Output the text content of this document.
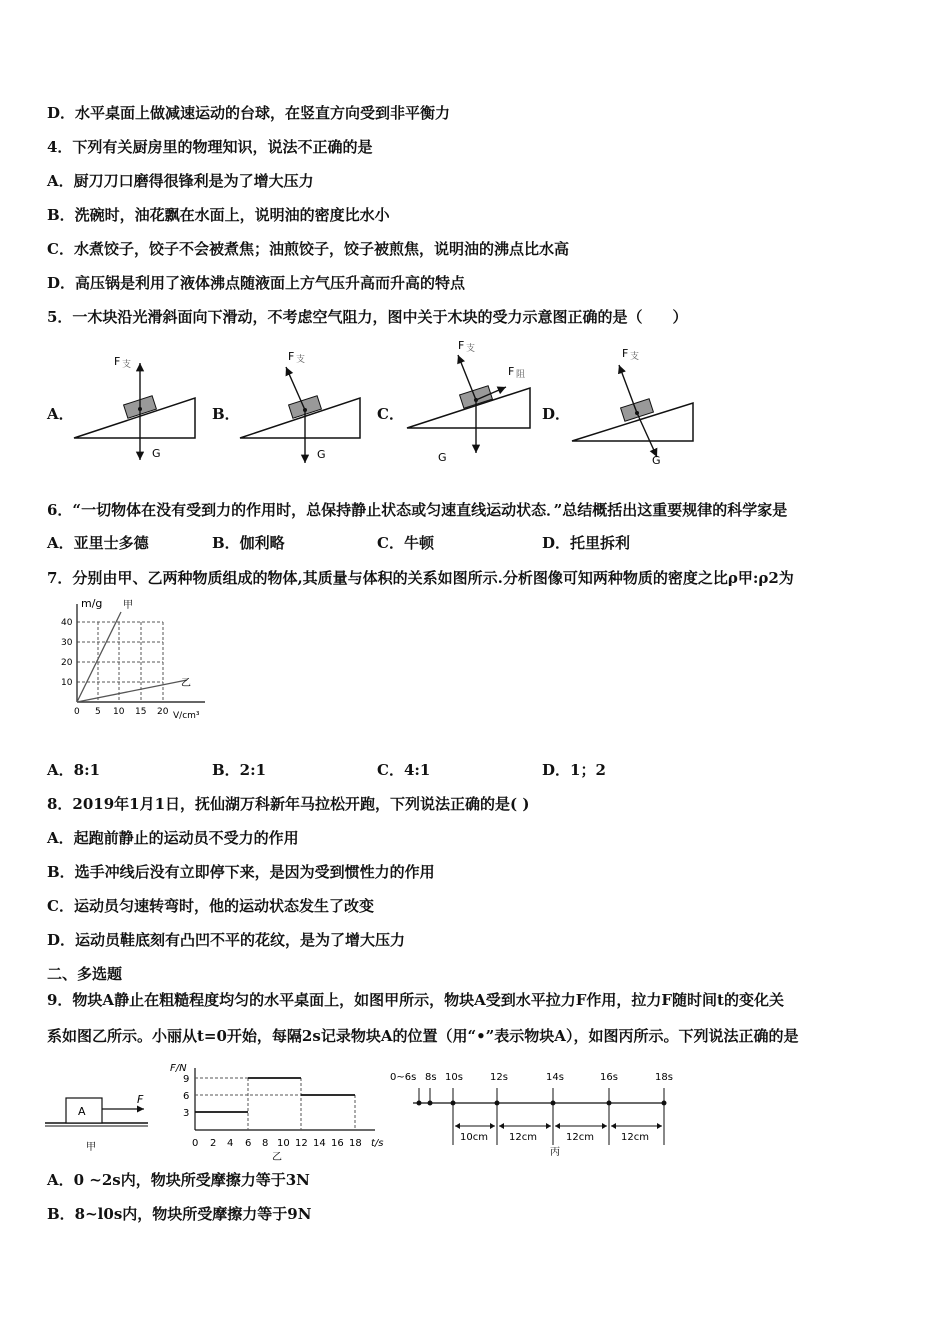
D．水平桌面上做减速运动的台球，在竖直方向受到非平衡力
4．下列有关厨房里的物理知识，说法不正确的是
A．厨刀刀口磨得很锋利是为了增大压力
B．洗碗时，油花飘在水面上，说明油的密度比水小
C．水煮饺子，饺子不会被煮焦；油煎饺子，饺子被煎焦，说明油的沸点比水高
D．高压锅是利用了液体沸点随液面上方气压升高而升高的特点
5．一木块沿光滑斜面向下滑动，不考虑空气阻力，图中关于木块的受力示意图正确的是（　　）
A．	B．	C．	D．
F 支
G
F 支
G
F 支
F 阻
G
F 支
G
6．“一切物体在没有受到力的作用时，总保持静止状态或匀速直线运动状态．”总结概括出这重要规律的科学家是
A．亚里士多德	B．伽利略	C．牛顿	D．托里拆利
7．分别由甲、乙两种物质组成的物体,其质量与体积的关系如图所示.分析图像可知两种物质的密度之比ρ甲:ρ2为
m/g 甲
乙
40
30
20
10
0 5 10 15 20 V/cm³
A．8:1	B．2:1	C．4:1	D．1；2
8．2019年1月1日，抚仙湖万科新年马拉松开跑，下列说法正确的是( )
A．起跑前静止的运动员不受力的作用
B．选手冲线后没有立即停下来，是因为受到惯性力的作用
C．运动员匀速转弯时，他的运动状态发生了改变
D．运动员鞋底刻有凸凹不平的花纹，是为了增大压力
二、多选题
9．物块A静止在粗糙程度均匀的水平桌面上，如图甲所示，物块A受到水平拉力F作用，拉力F随时间t的变化关
系如图乙所示。小丽从t=0开始，每隔2s记录物块A的位置（用“•”表示物块A），如图丙所示。下列说法正确的是
A
F
甲
F/N
9
6
3
0 2 4 6 8 10 12 14 16 18 t/s
乙
0~6s 8s 10s	12s	14s	16s	18s
10cm 12cm	12cm	12cm
丙
A．0 ~2s内，物块所受摩擦力等于3N
B．8~l0s内，物块所受摩擦力等于9N
